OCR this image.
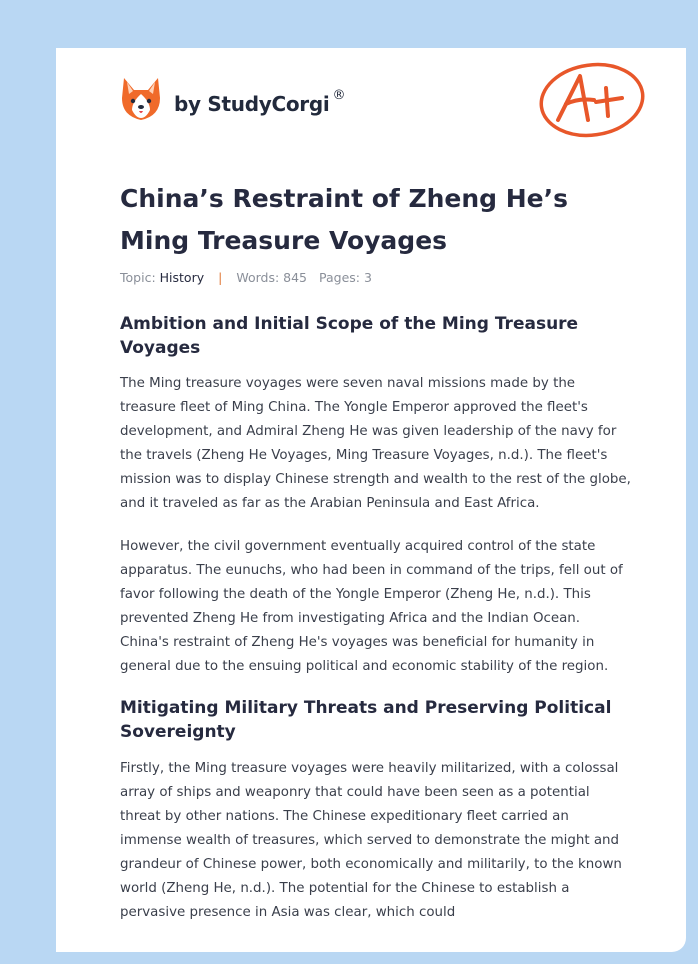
by StudyCorgi ®
China’s Restraint of Zheng He’s Ming Treasure Voyages
Topic: History | Words: 845 Pages: 3
Ambition and Initial Scope of the Ming Treasure Voyages

The Ming treasure voyages were seven naval missions made by the treasure fleet of Ming China. The Yongle Emperor approved the fleet's development, and Admiral Zheng He was given leadership of the navy for the travels (Zheng He Voyages, Ming Treasure Voyages, n.d.). The fleet's mission was to display Chinese strength and wealth to the rest of the globe, and it traveled as far as the Arabian Peninsula and East Africa.

However, the civil government eventually acquired control of the state apparatus. The eunuchs, who had been in command of the trips, fell out of favor following the death of the Yongle Emperor (Zheng He, n.d.). This prevented Zheng He from investigating Africa and the Indian Ocean. China's restraint of Zheng He's voyages was beneficial for humanity in general due to the ensuing political and economic stability of the region.

Mitigating Military Threats and Preserving Political Sovereignty

Firstly, the Ming treasure voyages were heavily militarized, with a colossal array of ships and weaponry that could have been seen as a potential threat by other nations. The Chinese expeditionary fleet carried an immense wealth of treasures, which served to demonstrate the might and grandeur of Chinese power, both economically and militarily, to the known world (Zheng He, n.d.). The potential for the Chinese to establish a pervasive presence in Asia was clear, which could
